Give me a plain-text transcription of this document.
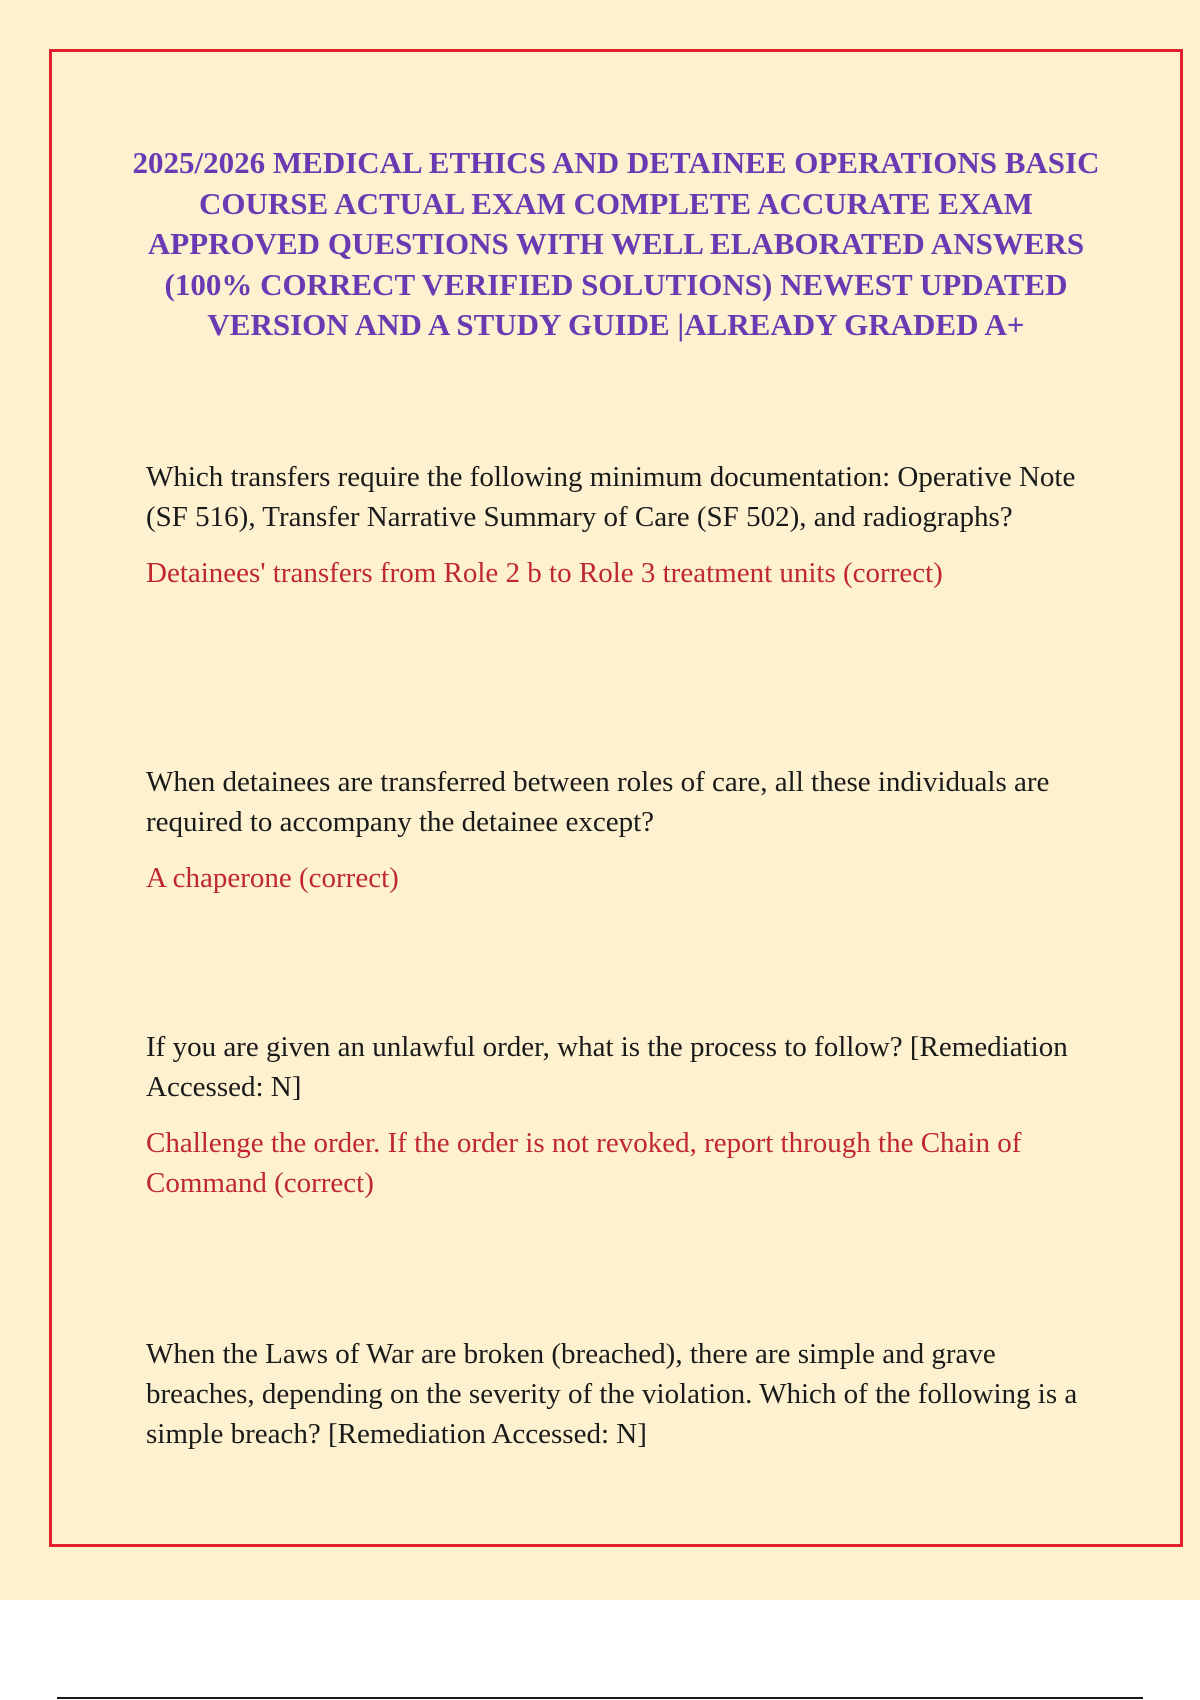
2025/2026 MEDICAL ETHICS AND DETAINEE OPERATIONS BASIC COURSE ACTUAL EXAM COMPLETE ACCURATE EXAM APPROVED QUESTIONS WITH WELL ELABORATED ANSWERS (100% CORRECT VERIFIED SOLUTIONS) NEWEST UPDATED VERSION AND A STUDY GUIDE |ALREADY GRADED A+

Which transfers require the following minimum documentation: Operative Note (SF 516), Transfer Narrative Summary of Care (SF 502), and radiographs?

Detainees' transfers from Role 2 b to Role 3 treatment units (correct)

When detainees are transferred between roles of care, all these individuals are required to accompany the detainee except?

A chaperone (correct)

If you are given an unlawful order, what is the process to follow? [Remediation Accessed: N]

Challenge the order. If the order is not revoked, report through the Chain of Command (correct)

When the Laws of War are broken (breached), there are simple and grave breaches, depending on the severity of the violation. Which of the following is a simple breach? [Remediation Accessed: N]
